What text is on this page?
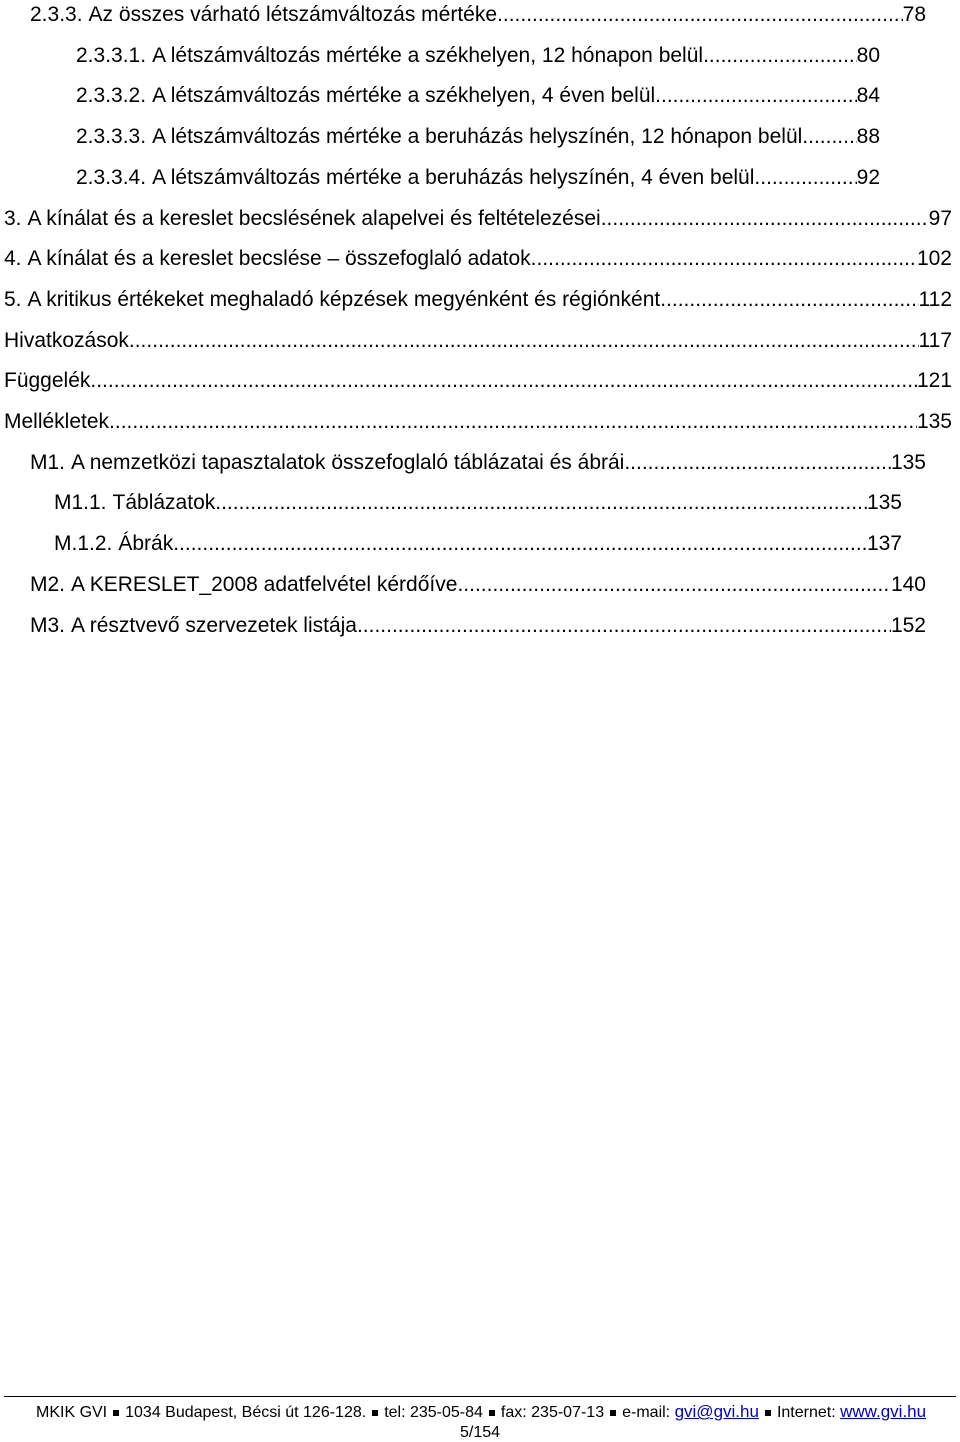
2.3.3. Az összes várható létszámváltozás mértéke .....	78
2.3.3.1. A létszámváltozás mértéke a székhelyen, 12 hónapon belül .....	80
2.3.3.2. A létszámváltozás mértéke a székhelyen, 4 éven belül .....	84
2.3.3.3. A létszámváltozás mértéke a beruházás helyszínén, 12 hónapon belül .....	88
2.3.3.4. A létszámváltozás mértéke a beruházás helyszínén, 4 éven belül .....	92
3. A kínálat és a kereslet becslésének alapelvei és feltételezései .....	97
4. A kínálat és a kereslet becslése – összefoglaló adatok .....	102
5. A kritikus értékeket meghaladó képzések megyénként és régiónként .....	112
Hivatkozások .....	117
Függelék .....	121
Mellékletek .....	135
M1. A nemzetközi tapasztalatok összefoglaló táblázatai és ábrái .....	135
M1.1. Táblázatok .....	135
M.1.2. Ábrák .....	137
M2. A KERESLET_2008 adatfelvétel kérdőíve .....	140
M3. A résztvevő szervezetek listája .....	152
MKIK GVI 1034 Budapest, Bécsi út 126-128. tel: 235-05-84 fax: 235-07-13 e-mail: gvi@gvi.hu Internet: www.gvi.hu
5/154
